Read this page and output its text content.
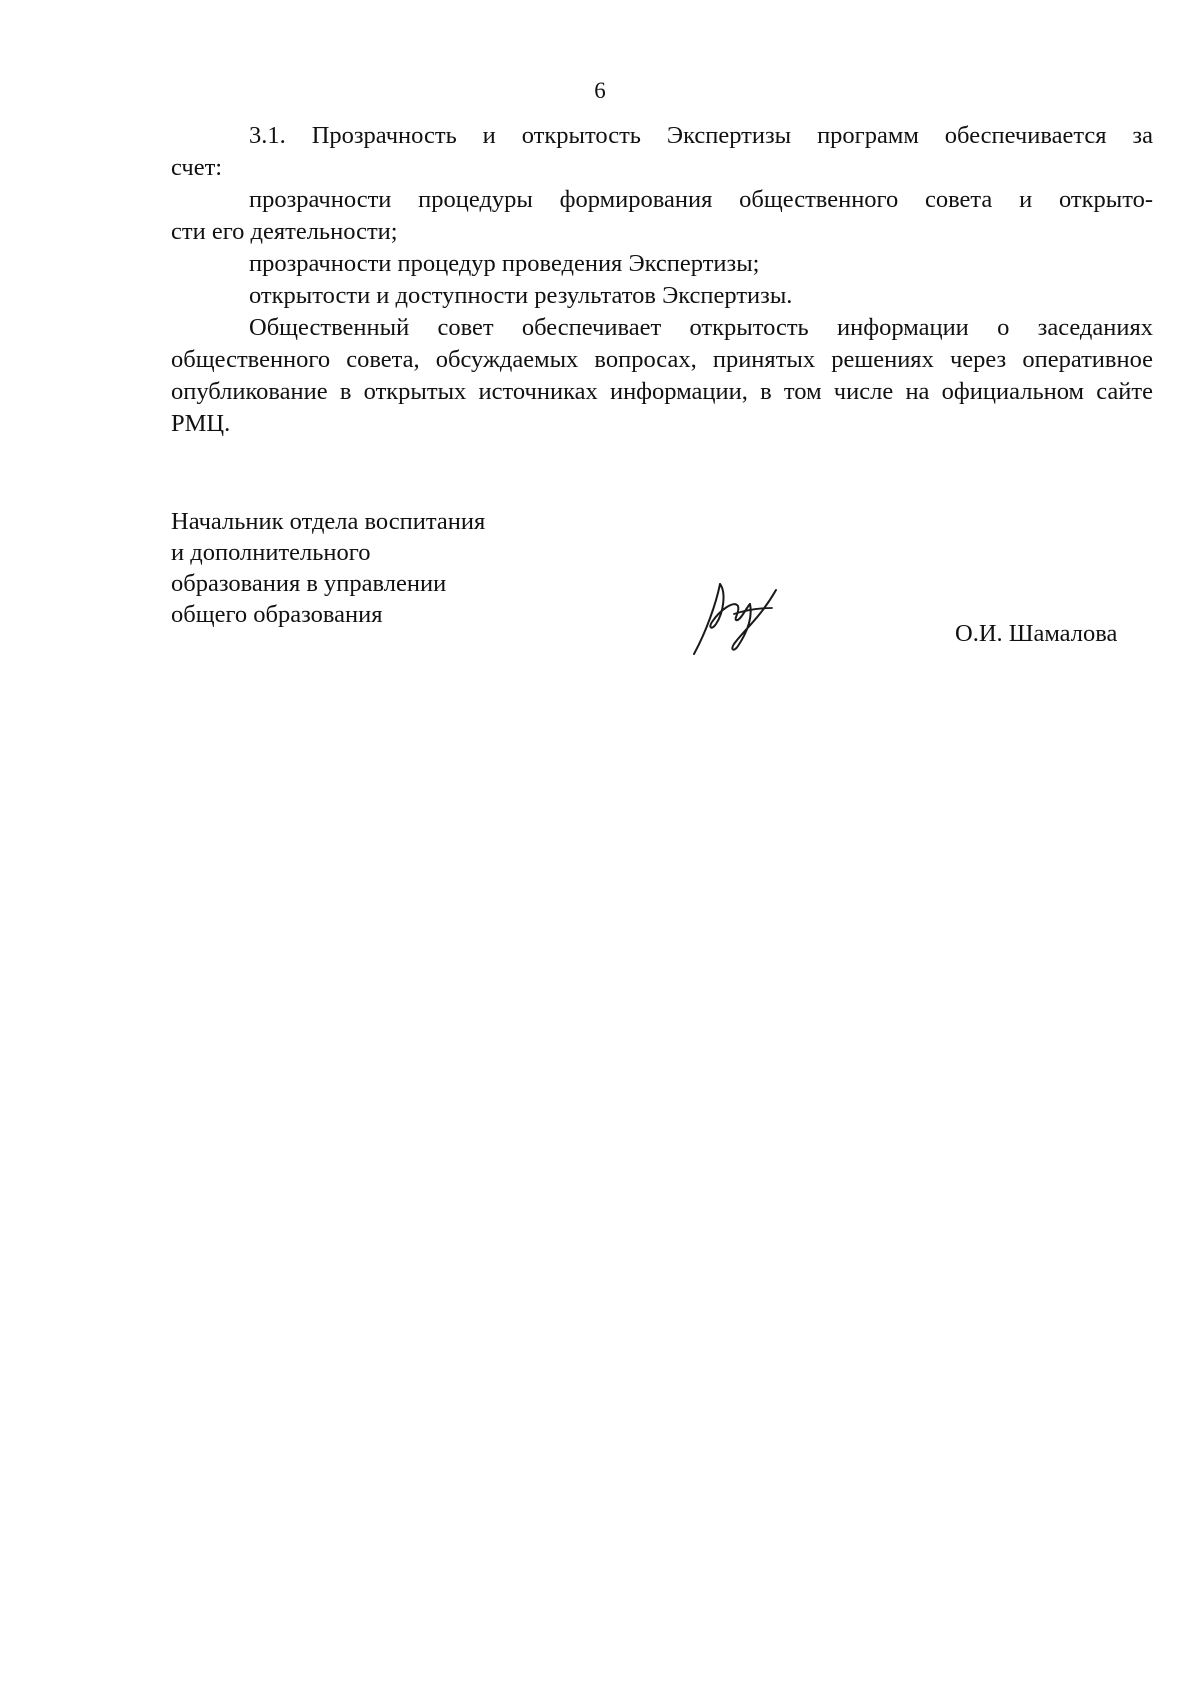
6

3.1. Прозрачность и открытость Экспертизы программ обеспечивается за

счет:

прозрачности процедуры формирования общественного совета и открыто-

сти его деятельности;

прозрачности процедур проведения Экспертизы;

открытости и доступности результатов Экспертизы.

Общественный совет обеспечивает открытость информации о заседаниях общественного совета, обсуждаемых вопросах, принятых решениях через оперативное опубликование в открытых источниках информации, в том числе на официальном сайте РМЦ.

Начальник отдела воспитания
и дополнительного
образования в управлении
общего образования
О.И. Шамалова
